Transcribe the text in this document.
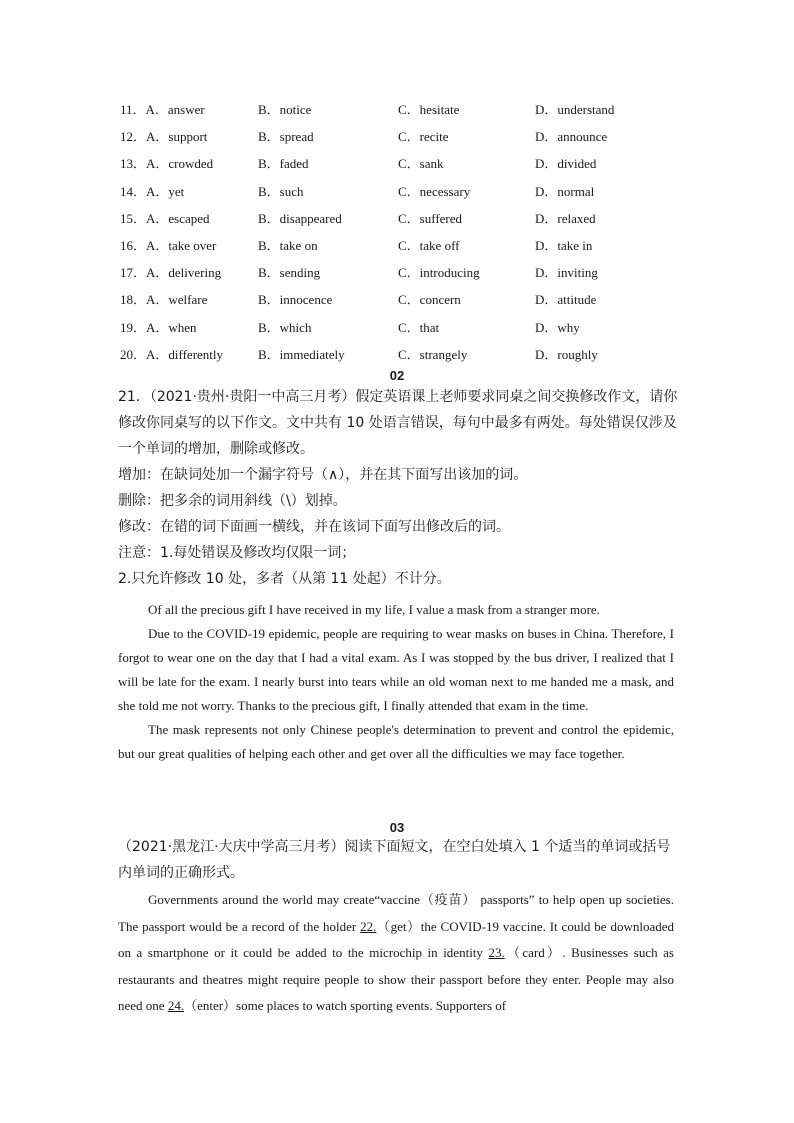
11．A．answer	B．notice	C．hesitate	D．understand
12．A．support	B．spread	C．recite	D．announce
13．A．crowded	B．faded	C．sank	D．divided
14．A．yet	B．such	C．necessary	D．normal
15．A．escaped	B．disappeared	C．suffered	D．relaxed
16．A．take over	B．take on	C．take off	D．take in
17．A．delivering	B．sending	C．introducing	D．inviting
18．A．welfare	B．innocence	C．concern	D．attitude
19．A．when	B．which	C．that	D．why
20．A．differently	B．immediately	C．strangely	D．roughly
02

21．（2021·贵州·贵阳一中高三月考）假定英语课上老师要求同桌之间交换修改作文，请你修改你同桌写的以下作文。文中共有 10 处语言错误，每句中最多有两处。每处错误仅涉及一个单词的增加，删除或修改。

增加：在缺词处加一个漏字符号（∧），并在其下面写出该加的词。

删除：把多余的词用斜线（\）划掉。

修改：在错的词下面画一横线，并在该词下面写出修改后的词。

注意：1.每处错误及修改均仅限一词；

2.只允许修改 10 处，多者（从第 11 处起）不计分。

Of all the precious gift I have received in my life, I value a mask from a stranger more.

Due to the COVID-19 epidemic, people are requiring to wear masks on buses in China. Therefore, I forgot to wear one on the day that I had a vital exam. As I was stopped by the bus driver, I realized that I will be late for the exam. I nearly burst into tears while an old woman next to me handed me a mask, and she told me not worry. Thanks to the precious gift, I finally attended that exam in the time.

The mask represents not only Chinese people's determination to prevent and control the epidemic, but our great qualities of helping each other and get over all the difficulties we may face together.

03

（2021·黑龙江·大庆中学高三月考）阅读下面短文，在空白处填入 1 个适当的单词或括号内单词的正确形式。

Governments around the world may create“vaccine（疫苗） passports” to help open up societies. The passport would be a record of the holder 22.（get）the COVID-19 vaccine. It could be downloaded on a smartphone or it could be added to the microchip in identity 23.（card）. Businesses such as restaurants and theatres might require people to show their passport before they enter. People may also need one 24.（enter）some places to watch sporting events. Supporters of
